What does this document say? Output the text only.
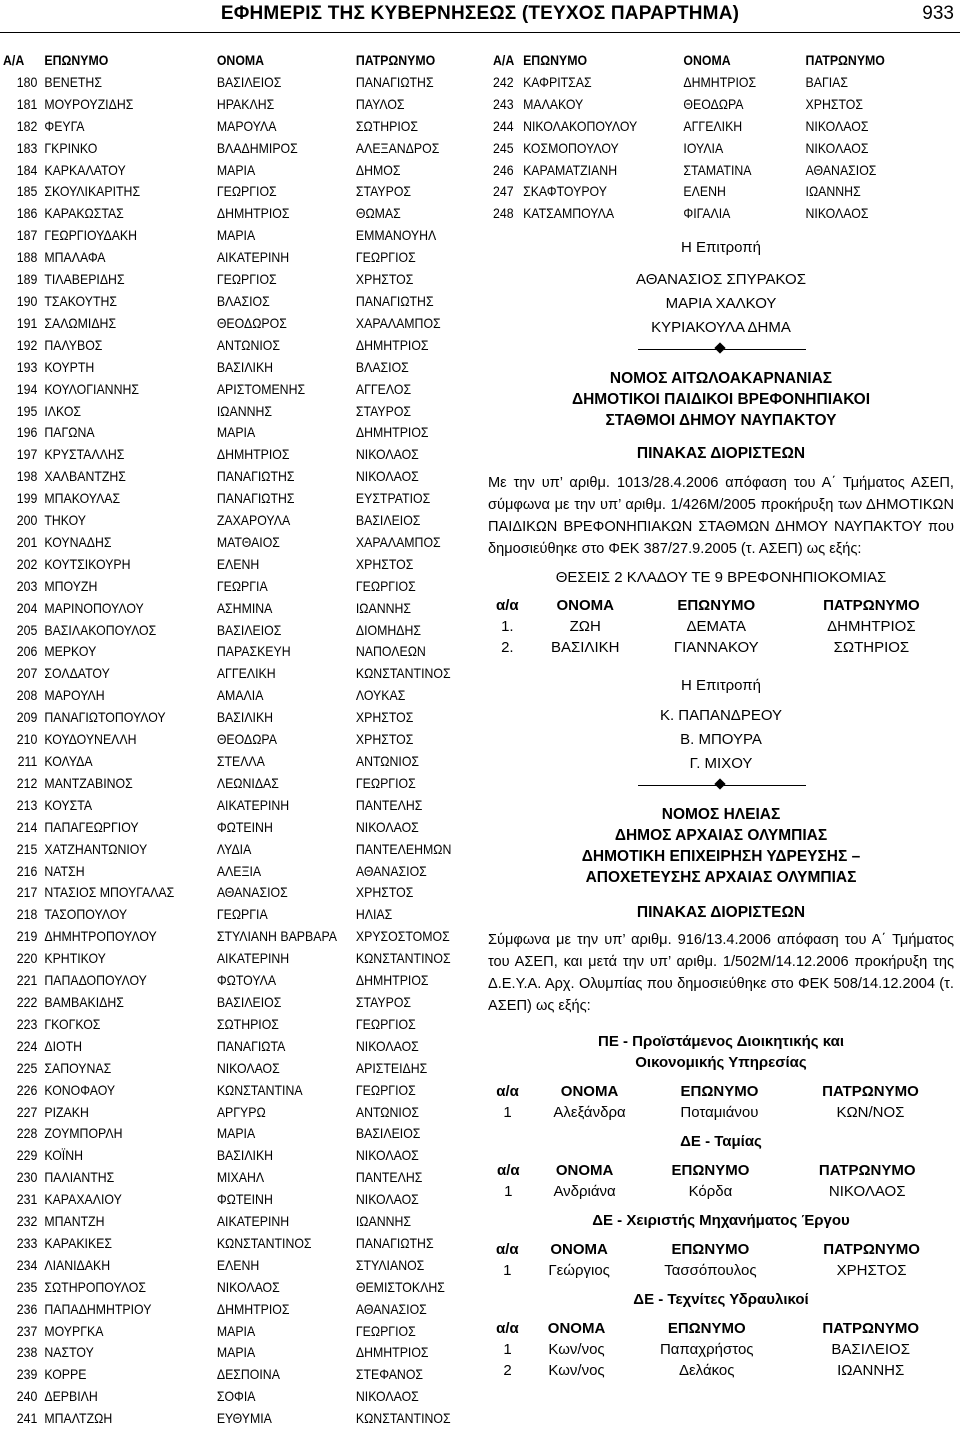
ΕΦΗΜΕΡΙΣ ΤΗΣ ΚΥΒΕΡΝΗΣΕΩΣ (ΤΕΥΧΟΣ ΠΑΡΑΡΤΗΜΑ)	933
Α/Α	ΕΠΩΝΥΜΟ	ΟΝΟΜΑ	ΠΑΤΡΩΝΥΜΟ
180	ΒΕΝΕΤΗΣ	ΒΑΣΙΛΕΙΟΣ	ΠΑΝΑΓΙΩΤΗΣ
181	ΜΟΥΡΟΥΖΙΔΗΣ	ΗΡΑΚΛΗΣ	ΠΑΥΛΟΣ
182	ΦΕΥΓΑ	ΜΑΡΟΥΛΑ	ΣΩΤΗΡΙΟΣ
183	ΓΚΡΙΝΚΟ	ΒΛΑΔΗΜΙΡΟΣ	ΑΛΕΞΑΝΔΡΟΣ
184	ΚΑΡΚΑΛΑΤΟΥ	ΜΑΡΙΑ	ΔΗΜΟΣ
185	ΣΚΟΥΛΙΚΑΡΙΤΗΣ	ΓΕΩΡΓΙΟΣ	ΣΤΑΥΡΟΣ
186	ΚΑΡΑΚΩΣΤΑΣ	ΔΗΜΗΤΡΙΟΣ	ΘΩΜΑΣ
187	ΓΕΩΡΓΙΟΥΔΑΚΗ	ΜΑΡΙΑ	ΕΜΜΑΝΟΥΗΛ
188	ΜΠΑΛΑΦΑ	ΑΙΚΑΤΕΡΙΝΗ	ΓΕΩΡΓΙΟΣ
189	ΤΙΛΑΒΕΡΙΔΗΣ	ΓΕΩΡΓΙΟΣ	ΧΡΗΣΤΟΣ
190	ΤΣΑΚΟΥΤΗΣ	ΒΛΑΣΙΟΣ	ΠΑΝΑΓΙΩΤΗΣ
191	ΣΑΛΩΜΙΔΗΣ	ΘΕΟΔΩΡΟΣ	ΧΑΡΑΛΑΜΠΟΣ
192	ΠΑΛΥΒΟΣ	ΑΝΤΩΝΙΟΣ	ΔΗΜΗΤΡΙΟΣ
193	ΚΟΥΡΤΗ	ΒΑΣΙΛΙΚΗ	ΒΛΑΣΙΟΣ
194	ΚΟΥΛΟΓΙΑΝΝΗΣ	ΑΡΙΣΤΟΜΕΝΗΣ	ΑΓΓΕΛΟΣ
195	ΙΛΚΟΣ	ΙΩΑΝΝΗΣ	ΣΤΑΥΡΟΣ
196	ΠΑΓΩΝΑ	ΜΑΡΙΑ	ΔΗΜΗΤΡΙΟΣ
197	ΚΡΥΣΤΑΛΛΗΣ	ΔΗΜΗΤΡΙΟΣ	ΝΙΚΟΛΑΟΣ
198	ΧΑΛΒΑΝΤΖΗΣ	ΠΑΝΑΓΙΩΤΗΣ	ΝΙΚΟΛΑΟΣ
199	ΜΠΑΚΟΥΛΑΣ	ΠΑΝΑΓΙΩΤΗΣ	ΕΥΣΤΡΑΤΙΟΣ
200	ΤΗΚΟΥ	ΖΑΧΑΡΟΥΛΑ	ΒΑΣΙΛΕΙΟΣ
201	ΚΟΥΝΑΔΗΣ	ΜΑΤΘΑΙΟΣ	ΧΑΡΑΛΑΜΠΟΣ
202	ΚΟΥΤΣΙΚΟΥΡΗ	ΕΛΕΝΗ	ΧΡΗΣΤΟΣ
203	ΜΠΟΥΖΗ	ΓΕΩΡΓΙΑ	ΓΕΩΡΓΙΟΣ
204	ΜΑΡΙΝΟΠΟΥΛΟΥ	ΑΣΗΜΙΝΑ	ΙΩΑΝΝΗΣ
205	ΒΑΣΙΛΑΚΟΠΟΥΛΟΣ	ΒΑΣΙΛΕΙΟΣ	ΔΙΟΜΗΔΗΣ
206	ΜΕΡΚΟΥ	ΠΑΡΑΣΚΕΥΗ	ΝΑΠΟΛΕΩΝ
207	ΣΟΛΔΑΤΟΥ	ΑΓΓΕΛΙΚΗ	ΚΩΝΣΤΑΝΤΙΝΟΣ
208	ΜΑΡΟΥΛΗ	ΑΜΑΛΙΑ	ΛΟΥΚΑΣ
209	ΠΑΝΑΓΙΩΤΟΠΟΥΛΟΥ	ΒΑΣΙΛΙΚΗ	ΧΡΗΣΤΟΣ
210	ΚΟΥΔΟΥΝΕΛΛΗ	ΘΕΟΔΩΡΑ	ΧΡΗΣΤΟΣ
211	ΚΟΛΥΔΑ	ΣΤΕΛΛΑ	ΑΝΤΩΝΙΟΣ
212	ΜΑΝΤΖΑΒΙΝΟΣ	ΛΕΩΝΙΔΑΣ	ΓΕΩΡΓΙΟΣ
213	ΚΟΥΣΤΑ	ΑΙΚΑΤΕΡΙΝΗ	ΠΑΝΤΕΛΗΣ
214	ΠΑΠΑΓΕΩΡΓΙΟΥ	ΦΩΤΕΙΝΗ	ΝΙΚΟΛΑΟΣ
215	ΧΑΤΖΗΑΝΤΩΝΙΟΥ	ΛΥΔΙΑ	ΠΑΝΤΕΛΕΗΜΩΝ
216	ΝΑΤΣΗ	ΑΛΕΞΙΑ	ΑΘΑΝΑΣΙΟΣ
217	ΝΤΑΣΙΟΣ ΜΠΟΥΓΑΛΑΣ	ΑΘΑΝΑΣΙΟΣ	ΧΡΗΣΤΟΣ
218	ΤΑΣΟΠΟΥΛΟΥ	ΓΕΩΡΓΙΑ	ΗΛΙΑΣ
219	ΔΗΜΗΤΡΟΠΟΥΛΟΥ	ΣΤΥΛΙΑΝΗ ΒΑΡΒΑΡΑ	ΧΡΥΣΟΣΤΟΜΟΣ
220	ΚΡΗΤΙΚΟΥ	ΑΙΚΑΤΕΡΙΝΗ	ΚΩΝΣΤΑΝΤΙΝΟΣ
221	ΠΑΠΑΔΟΠΟΥΛΟΥ	ΦΩΤΟΥΛΑ	ΔΗΜΗΤΡΙΟΣ
222	ΒΑΜΒΑΚΙΔΗΣ	ΒΑΣΙΛΕΙΟΣ	ΣΤΑΥΡΟΣ
223	ΓΚΟΓΚΟΣ	ΣΩΤΗΡΙΟΣ	ΓΕΩΡΓΙΟΣ
224	ΔΙΟΤΗ	ΠΑΝΑΓΙΩΤΑ	ΝΙΚΟΛΑΟΣ
225	ΣΑΠΟΥΝΑΣ	ΝΙΚΟΛΑΟΣ	ΑΡΙΣΤΕΙΔΗΣ
226	ΚΟΝΟΦΑΟΥ	ΚΩΝΣΤΑΝΤΙΝΑ	ΓΕΩΡΓΙΟΣ
227	ΡΙΖΑΚΗ	ΑΡΓΥΡΩ	ΑΝΤΩΝΙΟΣ
228	ΖΟΥΜΠΟΡΛΗ	ΜΑΡΙΑ	ΒΑΣΙΛΕΙΟΣ
229	ΚΟΪΝΗ	ΒΑΣΙΛΙΚΗ	ΝΙΚΟΛΑΟΣ
230	ΠΑΛΙΑΝΤΗΣ	ΜΙΧΑΗΛ	ΠΑΝΤΕΛΗΣ
231	ΚΑΡΑΧΑΛΙΟΥ	ΦΩΤΕΙΝΗ	ΝΙΚΟΛΑΟΣ
232	ΜΠΑΝΤΖΗ	ΑΙΚΑΤΕΡΙΝΗ	ΙΩΑΝΝΗΣ
233	ΚΑΡΑΚΙΚΕΣ	ΚΩΝΣΤΑΝΤΙΝΟΣ	ΠΑΝΑΓΙΩΤΗΣ
234	ΛΙΑΝΙΔΑΚΗ	ΕΛΕΝΗ	ΣΤΥΛΙΑΝΟΣ
235	ΣΩΤΗΡΟΠΟΥΛΟΣ	ΝΙΚΟΛΑΟΣ	ΘΕΜΙΣΤΟΚΛΗΣ
236	ΠΑΠΑΔΗΜΗΤΡΙΟΥ	ΔΗΜΗΤΡΙΟΣ	ΑΘΑΝΑΣΙΟΣ
237	ΜΟΥΡΓΚΑ	ΜΑΡΙΑ	ΓΕΩΡΓΙΟΣ
238	ΝΑΣΤΟΥ	ΜΑΡΙΑ	ΔΗΜΗΤΡΙΟΣ
239	ΚΟΡΡΕ	ΔΕΣΠΟΙΝΑ	ΣΤΕΦΑΝΟΣ
240	ΔΕΡΒΙΛΗ	ΣΟΦΙΑ	ΝΙΚΟΛΑΟΣ
241	ΜΠΑΛΤΖΩΗ	ΕΥΘΥΜΙΑ	ΚΩΝΣΤΑΝΤΙΝΟΣ
Α/Α	ΕΠΩΝΥΜΟ	ΟΝΟΜΑ	ΠΑΤΡΩΝΥΜΟ
242	ΚΑΦΡΙΤΣΑΣ	ΔΗΜΗΤΡΙΟΣ	ΒΑΓΙΑΣ
243	ΜΑΛΑΚΟΥ	ΘΕΟΔΩΡΑ	ΧΡΗΣΤΟΣ
244	ΝΙΚΟΛΑΚΟΠΟΥΛΟΥ	ΑΓΓΕΛΙΚΗ	ΝΙΚΟΛΑΟΣ
245	ΚΟΣΜΟΠΟΥΛΟΥ	ΙΟΥΛΙΑ	ΝΙΚΟΛΑΟΣ
246	ΚΑΡΑΜΑΤΖΙΑΝΗ	ΣΤΑΜΑΤΙΝΑ	ΑΘΑΝΑΣΙΟΣ
247	ΣΚΑΦΤΟΥΡΟΥ	ΕΛΕΝΗ	ΙΩΑΝΝΗΣ
248	ΚΑΤΣΑΜΠΟΥΛΑ	ΦΙΓΑΛΙΑ	ΝΙΚΟΛΑΟΣ
Η Επιτροπή
ΑΘΑΝΑΣΙΟΣ ΣΠΥΡΑΚΟΣ
ΜΑΡΙΑ ΧΑΛΚΟΥ
ΚΥΡΙΑΚΟΥΛΑ ΔΗΜΑ
ΝΟΜΟΣ ΑΙΤΩΛΟΑΚΑΡΝΑΝΙΑΣ
ΔΗΜΟΤΙΚΟΙ ΠΑΙΔΙΚΟΙ ΒΡΕΦΟΝΗΠΙΑΚΟΙ
ΣΤΑΘΜΟΙ ΔΗΜΟΥ ΝΑΥΠΑΚΤΟΥ
ΠΙΝΑΚΑΣ ΔΙΟΡΙΣΤΕΩΝ
Με την υπ’ αριθμ. 1013/28.4.2006 απόφαση του Α΄ Τμήματος ΑΣΕΠ, σύμφωνα με την υπ’ αριθμ. 1/426Μ/2005 προκήρυξη των ΔΗΜΟΤΙΚΩΝ ΠΑΙΔΙΚΩΝ ΒΡΕΦΟΝΗΠΙΑΚΩΝ ΣΤΑΘΜΩΝ ΔΗΜΟΥ ΝΑΥΠΑΚΤΟΥ που δημοσιεύθηκε στο ΦΕΚ 387/27.9.2005 (τ. ΑΣΕΠ) ως εξής:
ΘΕΣΕΙΣ 2 ΚΛΑΔΟΥ ΤΕ 9 ΒΡΕΦΟΝΗΠΙΟΚΟΜΙΑΣ
α/α	ΟΝΟΜΑ	ΕΠΩΝΥΜΟ	ΠΑΤΡΩΝΥΜΟ
1.	ΖΩΗ	ΔΕΜΑΤΑ	ΔΗΜΗΤΡΙΟΣ
2.	ΒΑΣΙΛΙΚΗ	ΓΙΑΝΝΑΚΟΥ	ΣΩΤΗΡΙΟΣ
Η Επιτροπή
Κ. ΠΑΠΑΝΔΡΕΟΥ
Β. ΜΠΟΥΡΑ
Γ. ΜΙΧΟΥ
ΝΟΜΟΣ ΗΛΕΙΑΣ
ΔΗΜΟΣ ΑΡΧΑΙΑΣ ΟΛΥΜΠΙΑΣ
ΔΗΜΟΤΙΚΗ ΕΠΙΧΕΙΡΗΣΗ ΥΔΡΕΥΣΗΣ –
ΑΠΟΧΕΤΕΥΣΗΣ ΑΡΧΑΙΑΣ ΟΛΥΜΠΙΑΣ
ΠΙΝΑΚΑΣ ΔΙΟΡΙΣΤΕΩΝ
Σύμφωνα με την υπ’ αριθμ. 916/13.4.2006 απόφαση του Α΄ Τμήματος του ΑΣΕΠ, και μετά την υπ’ αριθμ. 1/502Μ/14.12.2006 προκήρυξη της Δ.Ε.Υ.Α. Αρχ. Ολυμπίας που δημοσιεύθηκε στο ΦΕΚ 508/14.12.2004 (τ. ΑΣΕΠ) ως εξής:
ΠΕ - Προϊστάμενος Διοικητικής και
Οικονομικής Υπηρεσίας
α/α	ΟΝΟΜΑ	ΕΠΩΝΥΜΟ	ΠΑΤΡΩΝΥΜΟ
1	Αλεξάνδρα	Ποταμιάνου	ΚΩΝ/ΝΟΣ
ΔΕ - Ταμίας
α/α	ΟΝΟΜΑ	ΕΠΩΝΥΜΟ	ΠΑΤΡΩΝΥΜΟ
1	Ανδριάνα	Κόρδα	ΝΙΚΟΛΑΟΣ
ΔΕ - Χειριστής Μηχανήματος Έργου
α/α	ΟΝΟΜΑ	ΕΠΩΝΥΜΟ	ΠΑΤΡΩΝΥΜΟ
1	Γεώργιος	Τασσόπουλος	ΧΡΗΣΤΟΣ
ΔΕ - Τεχνίτες Υδραυλικοί
α/α	ΟΝΟΜΑ	ΕΠΩΝΥΜΟ	ΠΑΤΡΩΝΥΜΟ
1	Κων/νος	Παπαχρήστος	ΒΑΣΙΛΕΙΟΣ
2	Κων/νος	Δελάκος	ΙΩΑΝΝΗΣ
